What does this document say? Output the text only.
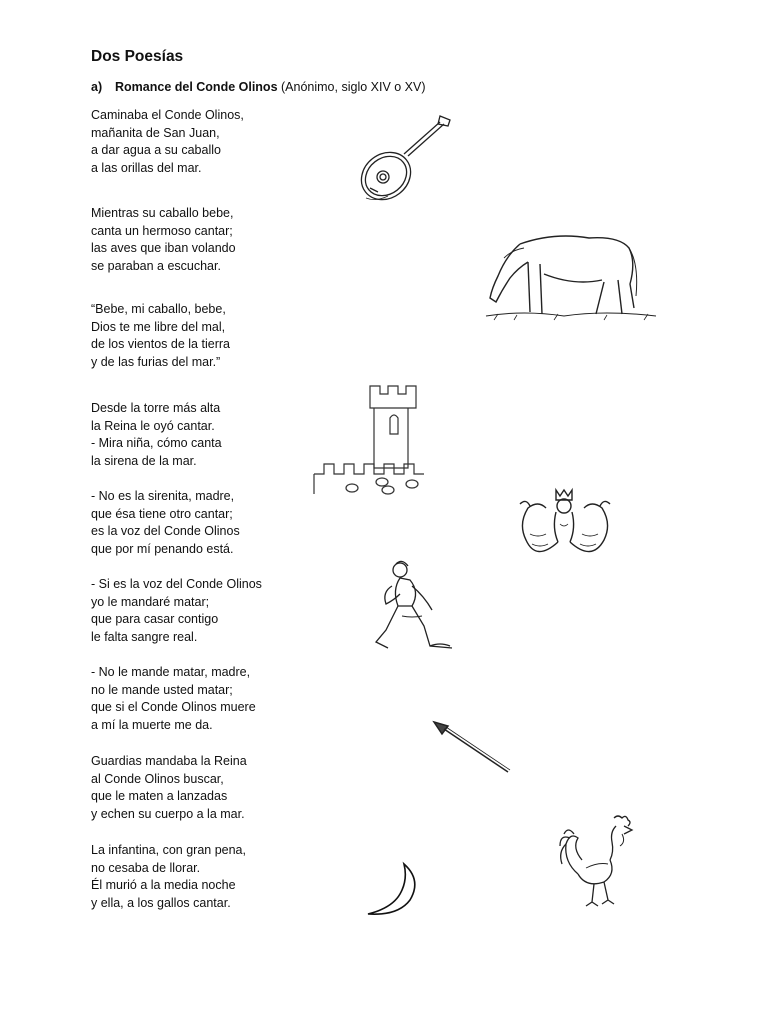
Dos Poesías

a) Romance del Conde Olinos (Anónimo, siglo XIV o XV)

Caminaba el Conde Olinos,
mañanita de San Juan,
a dar agua a su caballo
a las orillas del mar.
Mientras su caballo bebe,
canta un hermoso cantar;
las aves que iban volando
se paraban a escuchar.
“Bebe, mi caballo, bebe,
Dios te me libre del mal,
de los vientos de la tierra
y de las furias del mar.”
Desde la torre más alta
la Reina le oyó cantar.
- Mira niña, cómo canta
la sirena de la mar.
- No es la sirenita, madre,
que ésa tiene otro cantar;
es la voz del Conde Olinos
que por mí penando está.
- Si es la voz del Conde Olinos
yo le mandaré matar;
que para casar contigo
le falta sangre real.
- No le mande matar, madre,
no le mande usted matar;
que si el Conde Olinos muere
a mí la muerte me da.
Guardias mandaba la Reina
al Conde Olinos buscar,
que le maten a lanzadas
y echen su cuerpo a la mar.
La infantina, con gran pena,
no cesaba de llorar.
Él murió a la media noche
y ella, a los gallos cantar.
